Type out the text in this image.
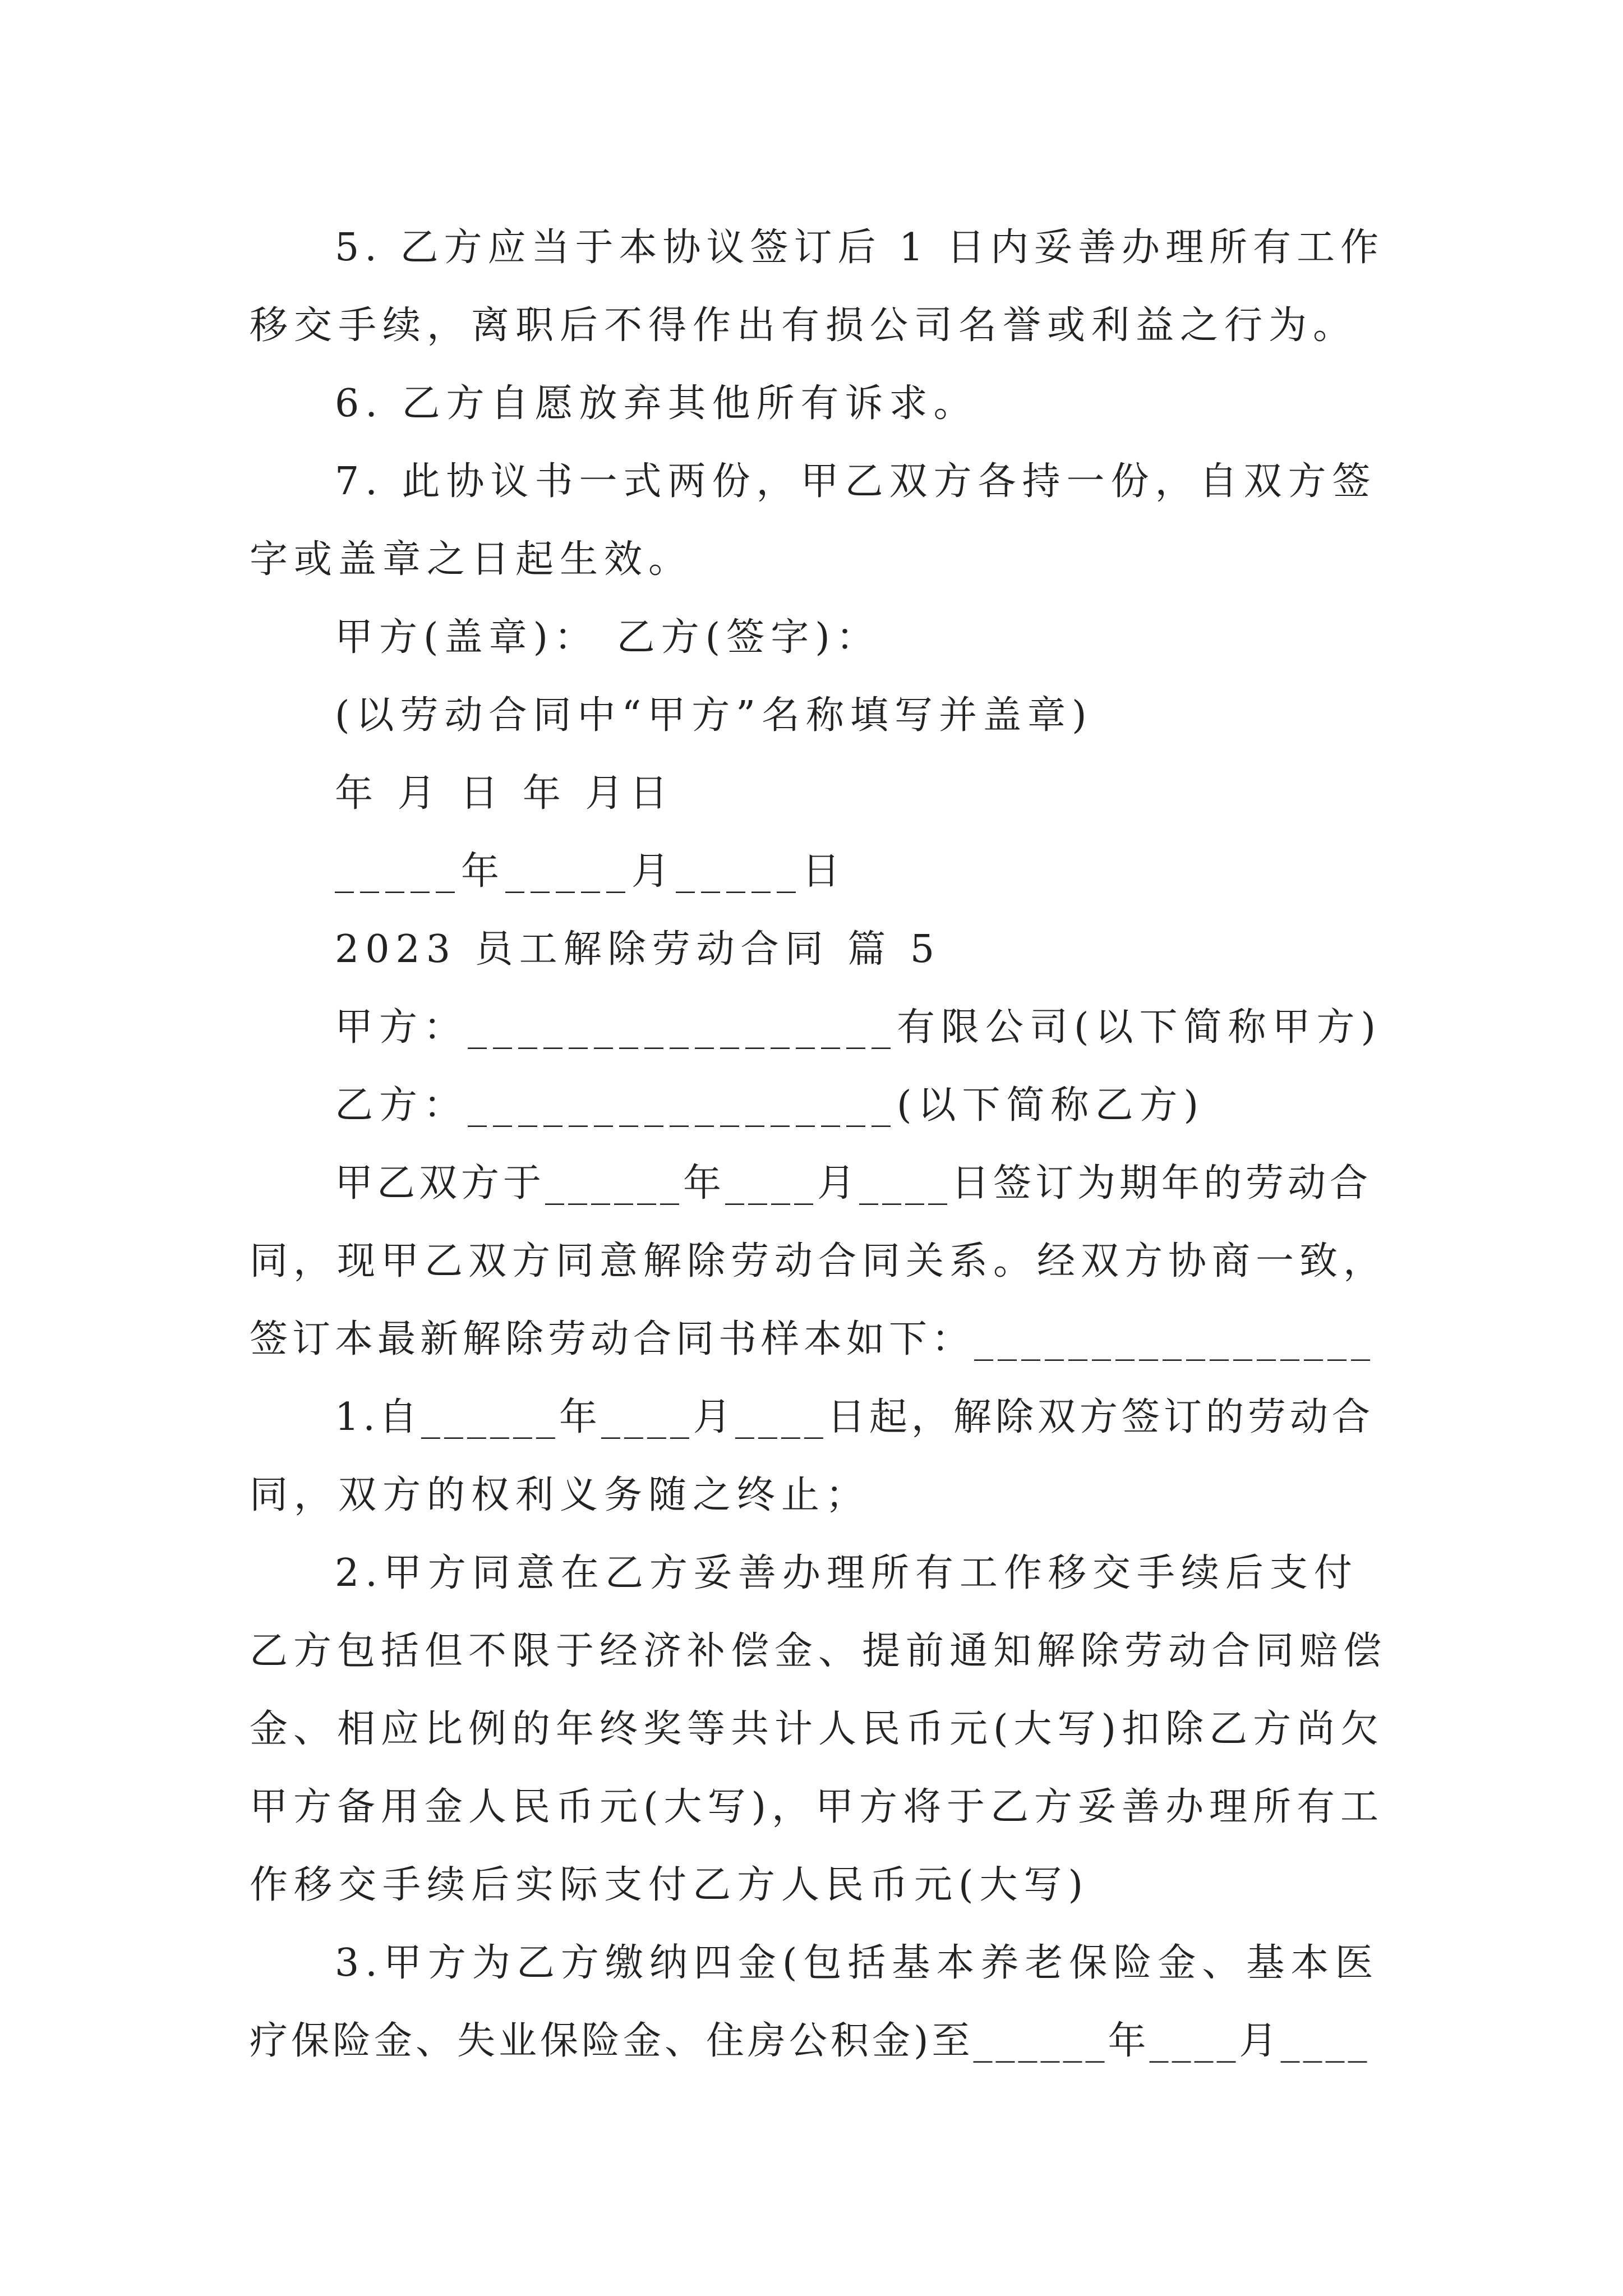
5. 乙方应当于本协议签订后 1 日内妥善办理所有工作
移交手续，离职后不得作出有损公司名誉或利益之行为。
6. 乙方自愿放弃其他所有诉求。
7. 此协议书一式两份，甲乙双方各持一份，自双方签
字或盖章之日起生效。
甲方(盖章)： 乙方(签字)：
(以劳动合同中“甲方”名称填写并盖章)
年 月 日 年 月日
_____年_____月_____日
2023 员工解除劳动合同 篇 5
甲方：_________________有限公司(以下简称甲方)
乙方：_________________(以下简称乙方)
甲乙双方于______年____月____日签订为期年的劳动合
同，现甲乙双方同意解除劳动合同关系。经双方协商一致，
签订本最新解除劳动合同书样本如下：_________________
1.自______年____月____日起，解除双方签订的劳动合
同，双方的权利义务随之终止；
2.甲方同意在乙方妥善办理所有工作移交手续后支付
乙方包括但不限于经济补偿金、提前通知解除劳动合同赔偿
金、相应比例的年终奖等共计人民币元(大写)扣除乙方尚欠
甲方备用金人民币元(大写)，甲方将于乙方妥善办理所有工
作移交手续后实际支付乙方人民币元(大写)
3.甲方为乙方缴纳四金(包括基本养老保险金、基本医
疗保险金、失业保险金、住房公积金)至______年____月____
